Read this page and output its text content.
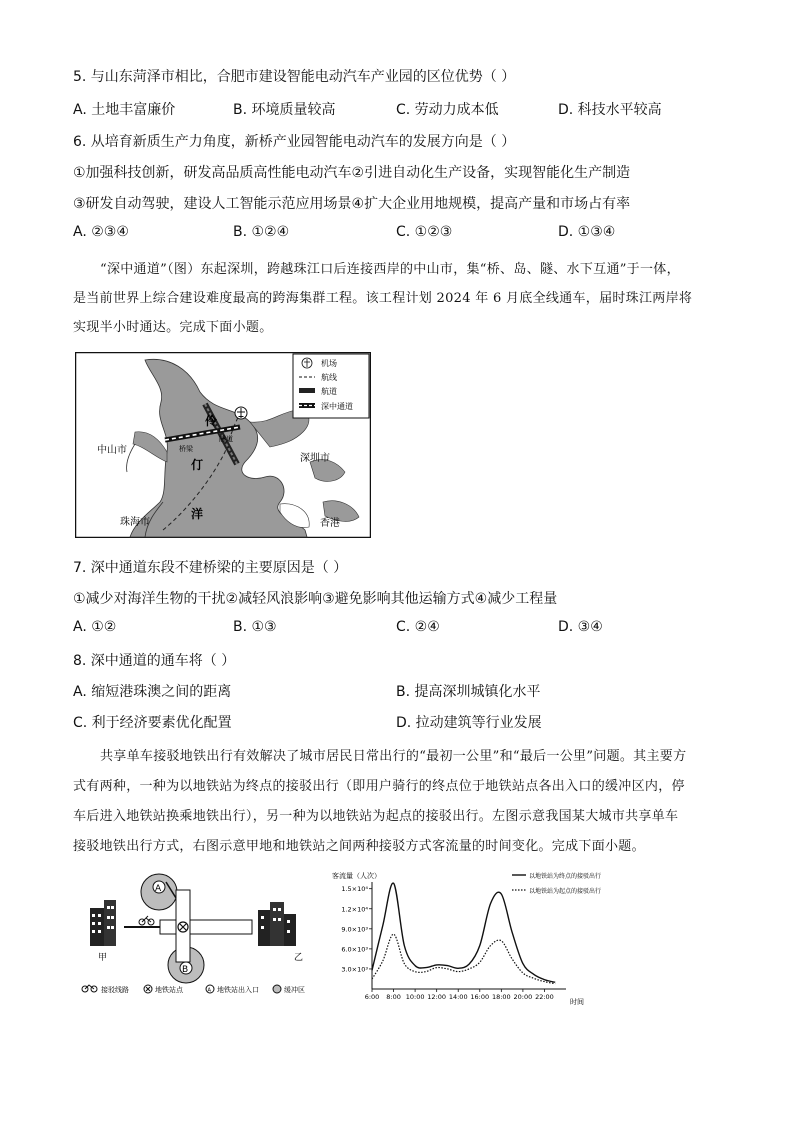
5. 与山东菏泽市相比，合肥市建设智能电动汽车产业园的区位优势（ ）
A. 土地丰富廉价	B. 环境质量较高	C. 劳动力成本低	D. 科技水平较高
6. 从培育新质生产力角度，新桥产业园智能电动汽车的发展方向是（ ）
①加强科技创新，研发高品质高性能电动汽车②引进自动化生产设备，实现智能化生产制造
③研发自动驾驶，建设人工智能示范应用场景④扩大企业用地规模，提高产量和市场占有率
A. ②③④	B. ①②④	C. ①②③	D. ①③④
“深中通道”（图）东起深圳，跨越珠江口后连接西岸的中山市，集“桥、岛、隧、水下互通”于一体，
是当前世界上综合建设难度最高的跨海集群工程。该工程计划 2024 年 6 月底全线通车，届时珠江两岸将
实现半小时通达。完成下面小题。
中山市
深圳市
珠海市	香港
伶
仃
洋
桥梁
隧道
机场
航线
航道
深中通道
7. 深中通道东段不建桥梁的主要原因是（ ）
①减少对海洋生物的干扰②减轻风浪影响③避免影响其他运输方式④减少工程量
A. ①②	B. ①③	C. ②④	D. ③④
8. 深中通道的通车将（ ）
A. 缩短港珠澳之间的距离	B. 提高深圳城镇化水平
C. 利于经济要素优化配置	D. 拉动建筑等行业发展
共享单车接驳地铁出行有效解决了城市居民日常出行的“最初一公里”和“最后一公里”问题。其主要方
式有两种，一种为以地铁站为终点的接驳出行（即用户骑行的终点位于地铁站点各出入口的缓冲区内，停
车后进入地铁站换乘地铁出行），另一种为以地铁站为起点的接驳出行。左图示意我国某大城市共享单车
接驳地铁出行方式，右图示意甲地和地铁站之间两种接驳方式客流量的时间变化。完成下面小题。
甲	乙
A
B
接驳线路	地铁站点	A 地铁站出入口	缓冲区
客流量（人次）
时间
3.0×10³
6.0×10³
9.0×10³
1.2×10⁴
1.5×10⁴
6:00 8:00 10:00 12:00 14:00 16:00 18:00 20:00 22:00
以地铁站为终点的接驳出行
以地铁站为起点的接驳出行
